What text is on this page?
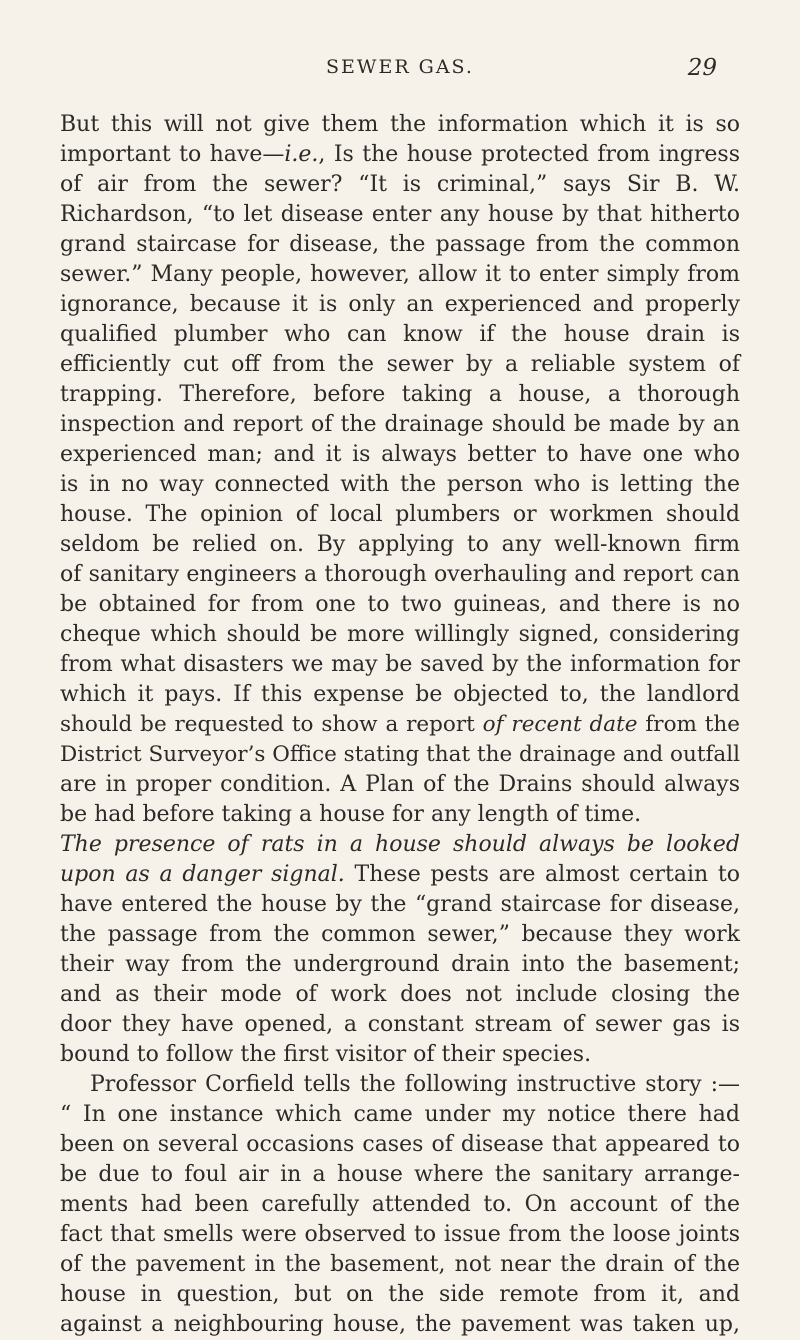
SEWER GAS.	29
But this will not give them the information which it is so
important to have—i.e., Is the house protected from ingress
of air from the sewer? “It is criminal,” says Sir B. W.
Richardson, “to let disease enter any house by that hitherto
grand staircase for disease, the passage from the common
sewer.” Many people, however, allow it to enter simply from
ignorance, because it is only an experienced and properly
qualified plumber who can know if the house drain is
efficiently cut off from the sewer by a reliable system of
trapping. Therefore, before taking a house, a thorough
inspection and report of the drainage should be made by an
experienced man; and it is always better to have one who
is in no way connected with the person who is letting the
house. The opinion of local plumbers or workmen should
seldom be relied on. By applying to any well-known firm
of sanitary engineers a thorough overhauling and report can
be obtained for from one to two guineas, and there is no
cheque which should be more willingly signed, considering
from what disasters we may be saved by the information for
which it pays. If this expense be objected to, the landlord
should be requested to show a report of recent date from the
District Surveyor’s Office stating that the drainage and outfall
are in proper condition. A Plan of the Drains should always
be had before taking a house for any length of time.
The presence of rats in a house should always be looked
upon as a danger signal. These pests are almost certain to
have entered the house by the “grand staircase for disease,
the passage from the common sewer,” because they work
their way from the underground drain into the basement;
and as their mode of work does not include closing the
door they have opened, a constant stream of sewer gas is
bound to follow the first visitor of their species.
Professor Corfield tells the following instructive story :—
“ In one instance which came under my notice there had
been on several occasions cases of disease that appeared to
be due to foul air in a house where the sanitary arrange-
ments had been carefully attended to. On account of the
fact that smells were observed to issue from the loose joints
of the pavement in the basement, not near the drain of the
house in question, but on the side remote from it, and
against a neighbouring house, the pavement was taken up,
